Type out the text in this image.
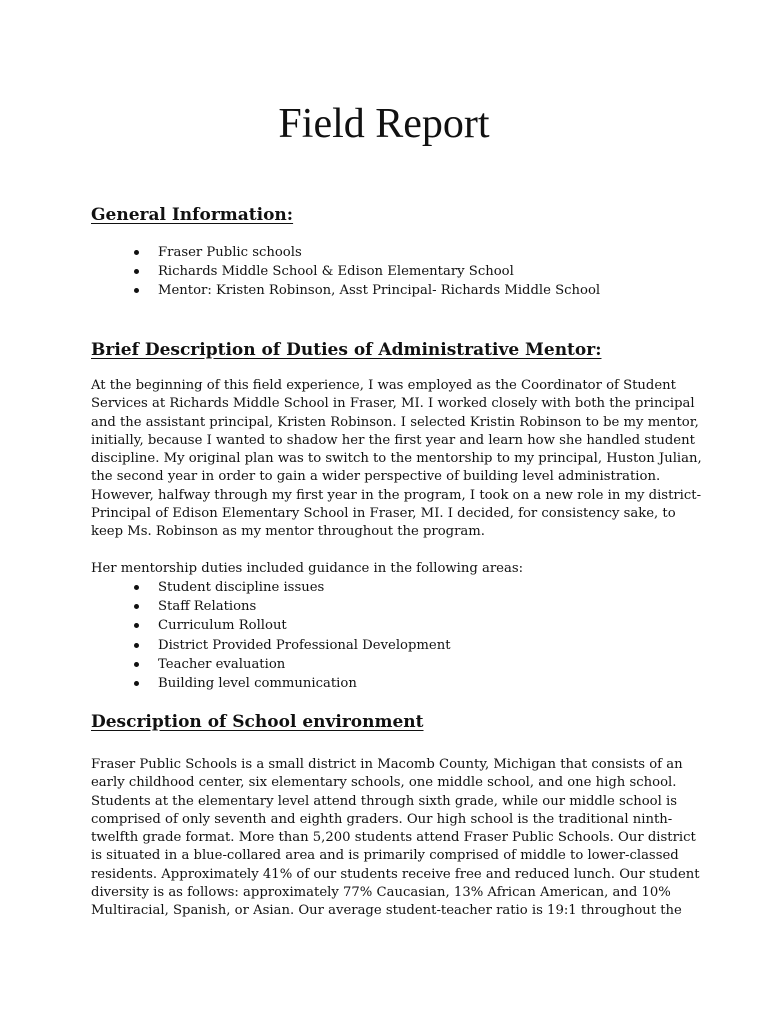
Field Report
General Information:
Fraser Public schools
Richards Middle School & Edison Elementary School
Mentor: Kristen Robinson, Asst Principal- Richards Middle School
Brief Description of Duties of Administrative Mentor:

At the beginning of this field experience, I was employed as the Coordinator of Student
Services at Richards Middle School in Fraser, MI. I worked closely with both the principal
and the assistant principal, Kristen Robinson. I selected Kristin Robinson to be my mentor,
initially, because I wanted to shadow her the first year and learn how she handled student
discipline. My original plan was to switch to the mentorship to my principal, Huston Julian,
the second year in order to gain a wider perspective of building level administration.
However, halfway through my first year in the program, I took on a new role in my district-
Principal of Edison Elementary School in Fraser, MI. I decided, for consistency sake, to
keep Ms. Robinson as my mentor throughout the program.

Her mentorship duties included guidance in the following areas:

Student discipline issues
Staff Relations
Curriculum Rollout
District Provided Professional Development
Teacher evaluation
Building level communication
Description of School environment

Fraser Public Schools is a small district in Macomb County, Michigan that consists of an
early childhood center, six elementary schools, one middle school, and one high school.
Students at the elementary level attend through sixth grade, while our middle school is
comprised of only seventh and eighth graders. Our high school is the traditional ninth-
twelfth grade format. More than 5,200 students attend Fraser Public Schools. Our district
is situated in a blue-collared area and is primarily comprised of middle to lower-classed
residents. Approximately 41% of our students receive free and reduced lunch. Our student
diversity is as follows: approximately 77% Caucasian, 13% African American, and 10%
Multiracial, Spanish, or Asian. Our average student-teacher ratio is 19:1 throughout the
